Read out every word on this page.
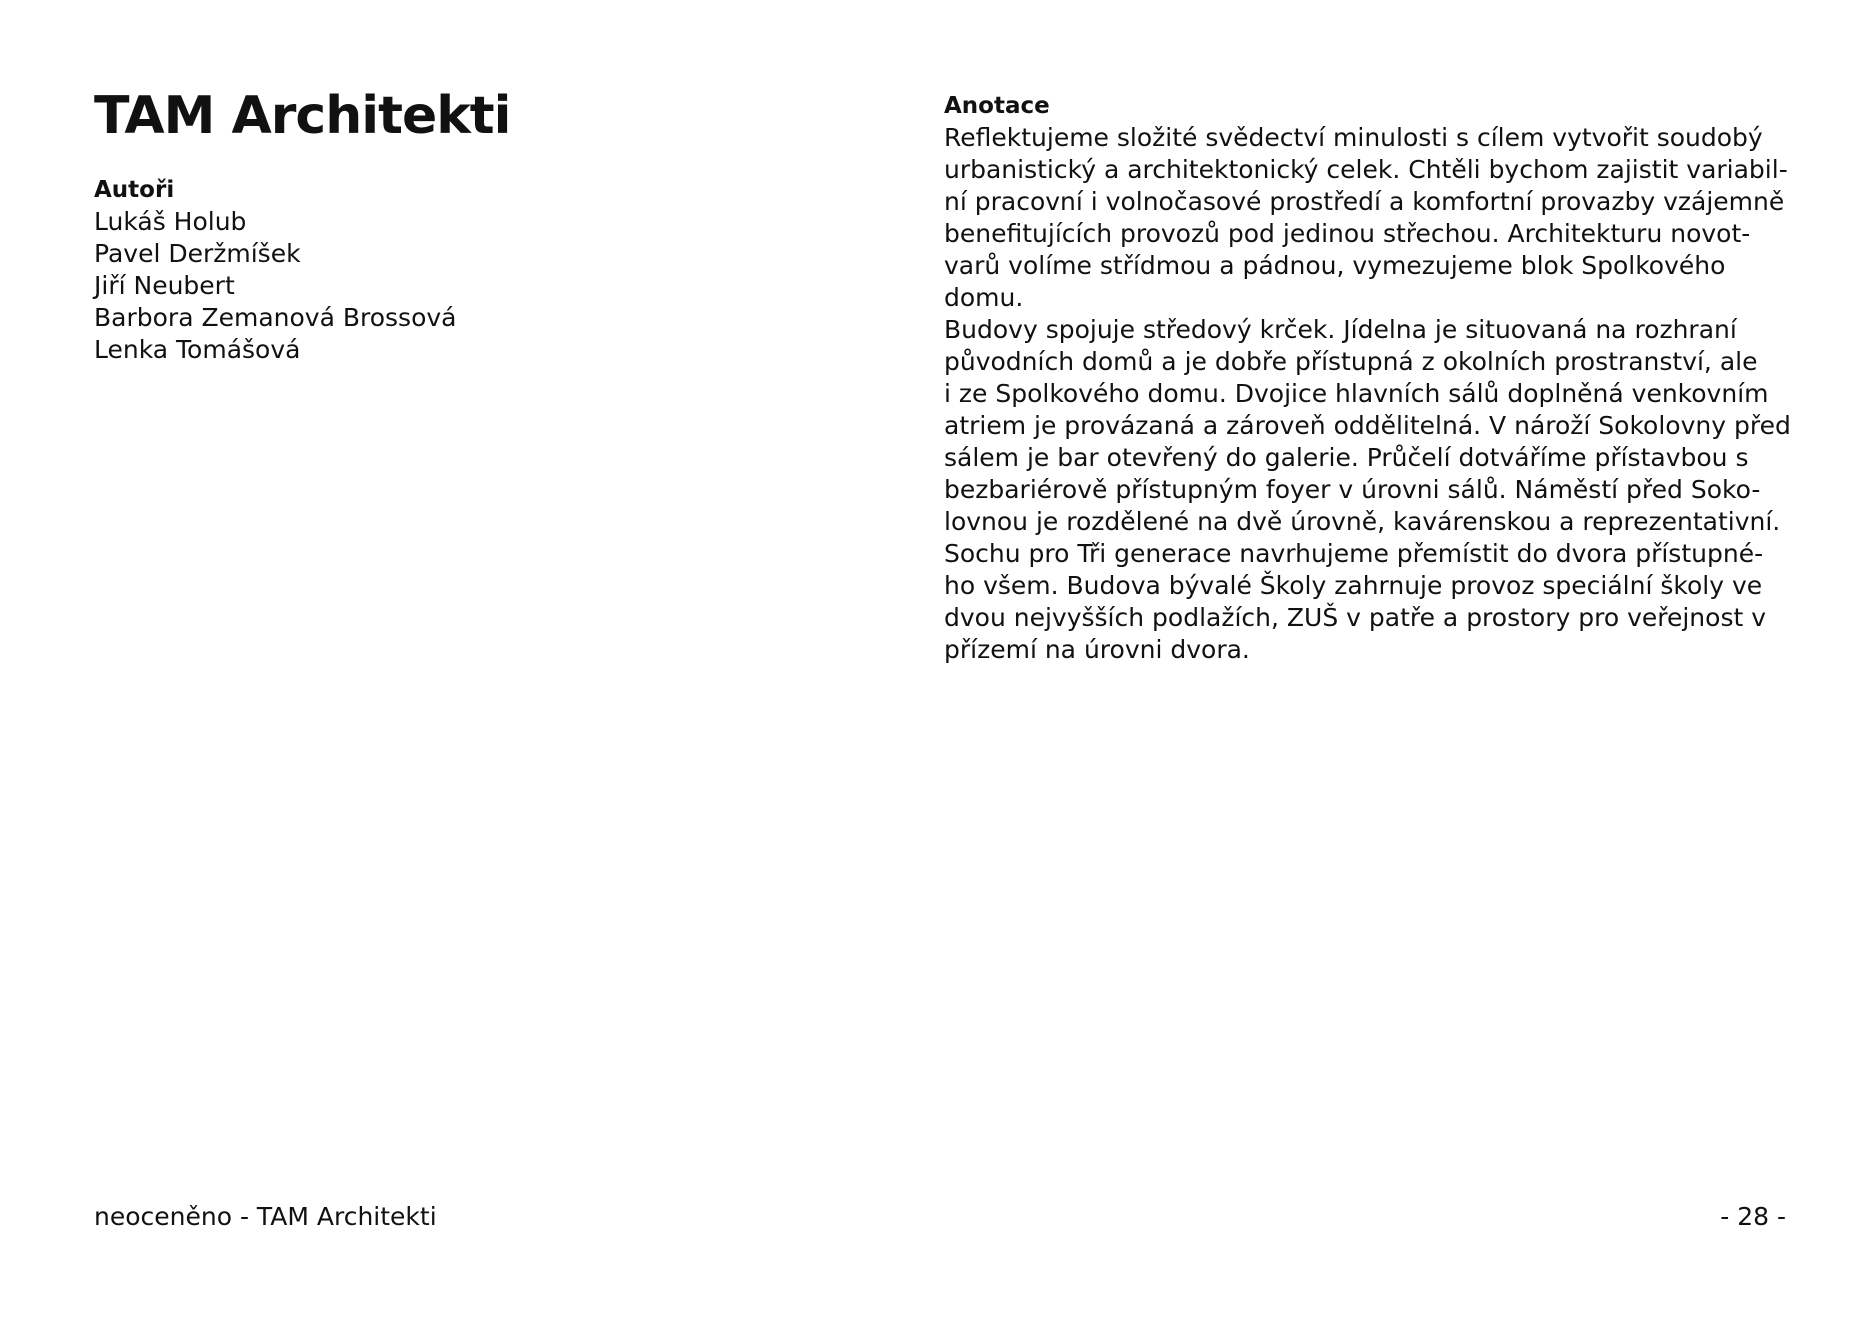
TAM Architekti
Autoři
Lukáš Holub
Pavel Deržmíšek
Jiří Neubert
Barbora Zemanová Brossová
Lenka Tomášová
Anotace
Reflektujeme složité svědectví minulosti s cílem vytvořit soudobý
urbanistický a architektonický celek. Chtěli bychom zajistit variabil-
ní pracovní i volnočasové prostředí a komfortní provazby vzájemně
benefitujících provozů pod jedinou střechou. Architekturu novot-
varů volíme střídmou a pádnou, vymezujeme blok Spolkového
domu.
Budovy spojuje středový krček. Jídelna je situovaná na rozhraní
původních domů a je dobře přístupná z okolních prostranství, ale
i ze Spolkového domu. Dvojice hlavních sálů doplněná venkovním
atriem je provázaná a zároveň oddělitelná. V nároží Sokolovny před
sálem je bar otevřený do galerie. Průčelí dotváříme přístavbou s
bezbariérově přístupným foyer v úrovni sálů. Náměstí před Soko-
lovnou je rozdělené na dvě úrovně, kavárenskou a reprezentativní.
Sochu pro Tři generace navrhujeme přemístit do dvora přístupné-
ho všem. Budova bývalé Školy zahrnuje provoz speciální školy ve
dvou nejvyšších podlažích, ZUŠ v patře a prostory pro veřejnost v
přízemí na úrovni dvora.
neoceněno - TAM Architekti	- 28 -
